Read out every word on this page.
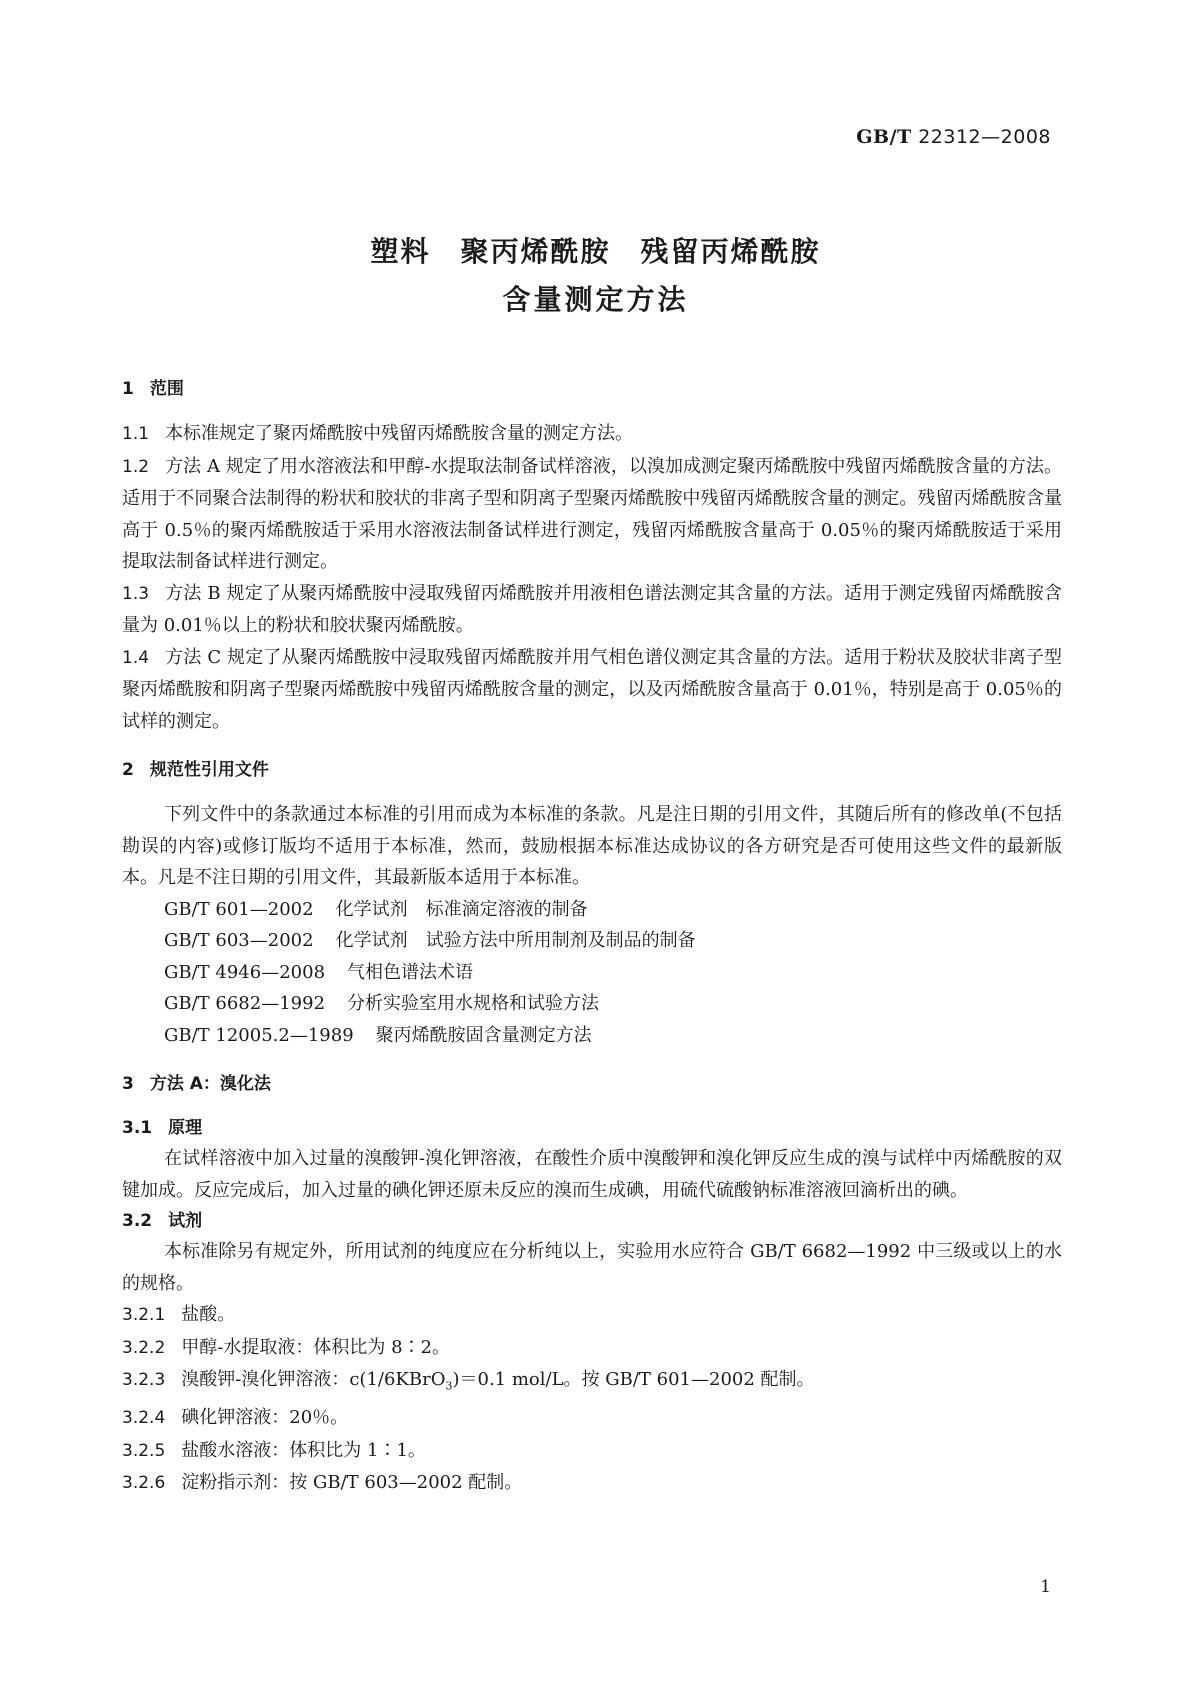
GB/T 22312—2008
塑料　聚丙烯酰胺　残留丙烯酰胺
含量测定方法

1 范围

1.1 本标准规定了聚丙烯酰胺中残留丙烯酰胺含量的测定方法。

1.2 方法 A 规定了用水溶液法和甲醇-水提取法制备试样溶液，以溴加成测定聚丙烯酰胺中残留丙烯酰胺含量的方法。适用于不同聚合法制得的粉状和胶状的非离子型和阴离子型聚丙烯酰胺中残留丙烯酰胺含量的测定。残留丙烯酰胺含量高于 0.5％的聚丙烯酰胺适于采用水溶液法制备试样进行测定，残留丙烯酰胺含量高于 0.05％的聚丙烯酰胺适于采用提取法制备试样进行测定。

1.3 方法 B 规定了从聚丙烯酰胺中浸取残留丙烯酰胺并用液相色谱法测定其含量的方法。适用于测定残留丙烯酰胺含量为 0.01％以上的粉状和胶状聚丙烯酰胺。

1.4 方法 C 规定了从聚丙烯酰胺中浸取残留丙烯酰胺并用气相色谱仪测定其含量的方法。适用于粉状及胶状非离子型聚丙烯酰胺和阴离子型聚丙烯酰胺中残留丙烯酰胺含量的测定，以及丙烯酰胺含量高于 0.01％，特别是高于 0.05％的试样的测定。

2 规范性引用文件

下列文件中的条款通过本标准的引用而成为本标准的条款。凡是注日期的引用文件，其随后所有的修改单(不包括勘误的内容)或修订版均不适用于本标准，然而，鼓励根据本标准达成协议的各方研究是否可使用这些文件的最新版本。凡是不注日期的引用文件，其最新版本适用于本标准。

GB/T 601—2002 化学试剂　标准滴定溶液的制备

GB/T 603—2002 化学试剂　试验方法中所用制剂及制品的制备

GB/T 4946—2008 气相色谱法术语

GB/T 6682—1992 分析实验室用水规格和试验方法

GB/T 12005.2—1989 聚丙烯酰胺固含量测定方法

3 方法 A：溴化法

3.1 原理

在试样溶液中加入过量的溴酸钾-溴化钾溶液，在酸性介质中溴酸钾和溴化钾反应生成的溴与试样中丙烯酰胺的双键加成。反应完成后，加入过量的碘化钾还原未反应的溴而生成碘，用硫代硫酸钠标准溶液回滴析出的碘。

3.2 试剂

本标准除另有规定外，所用试剂的纯度应在分析纯以上，实验用水应符合 GB/T 6682—1992 中三级或以上的水的规格。

3.2.1 盐酸。

3.2.2 甲醇-水提取液：体积比为 8∶2。

3.2.3 溴酸钾-溴化钾溶液：c(1/6KBrO$_3$)＝0.1 mol/L。按 GB/T 601—2002 配制。

3.2.4 碘化钾溶液：20％。

3.2.5 盐酸水溶液：体积比为 1∶1。

3.2.6 淀粉指示剂：按 GB/T 603—2002 配制。

1
